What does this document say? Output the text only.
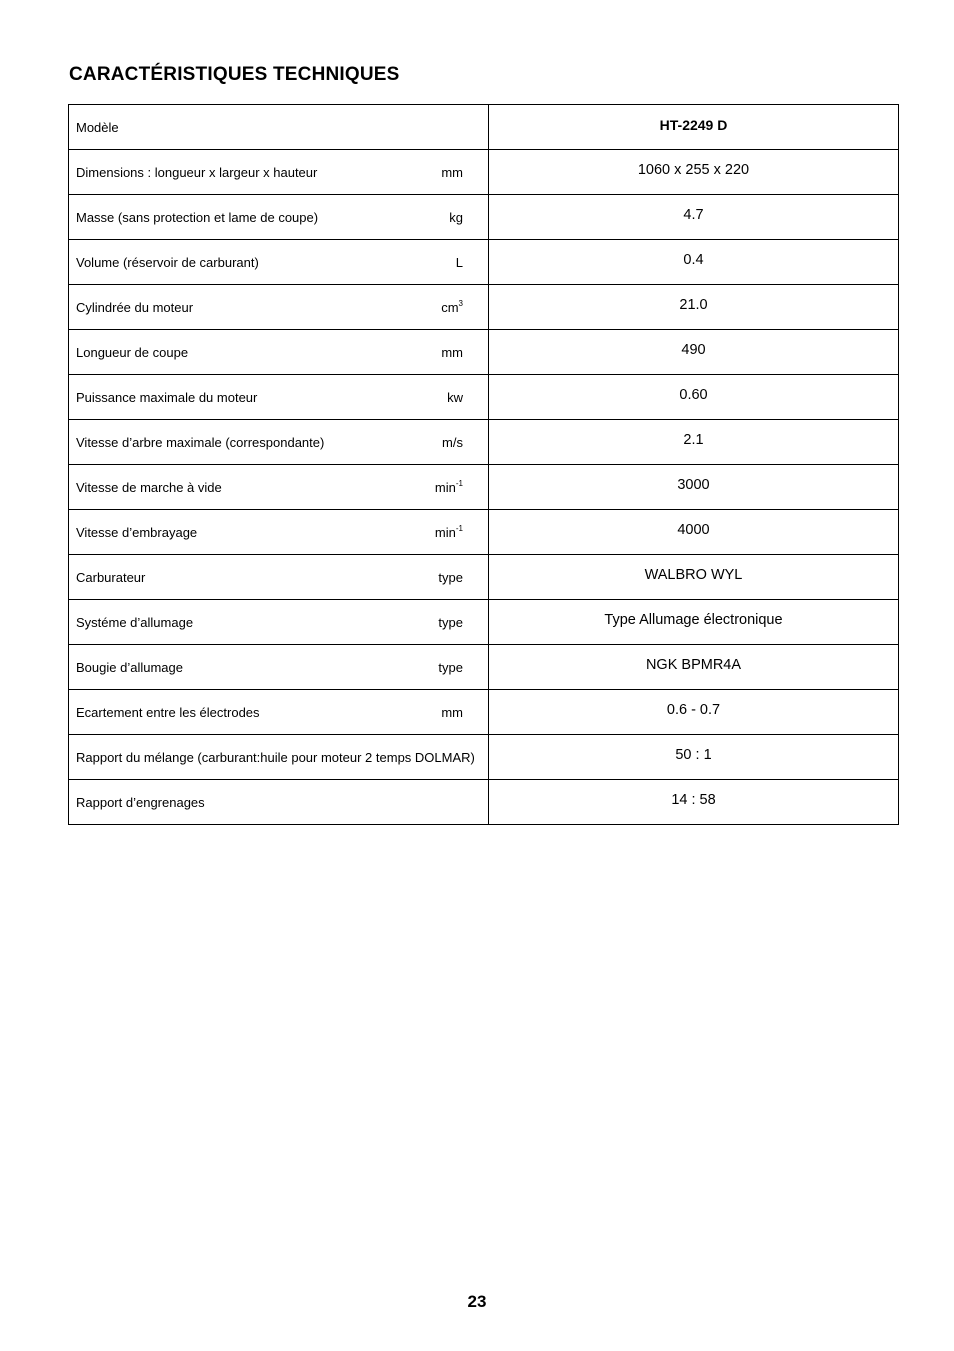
CARACTÉRISTIQUES TECHNIQUES
Modèle	HT-2249 D

Dimensions : longueur x largeur x hauteur mm	1060 x 255 x 220

Masse (sans protection et lame de coupe) kg	4.7

Volume (réservoir de carburant) L	0.4

Cylindrée du moteur $cm^3$	21.0

Longueur de coupe mm	490

Puissance maximale du moteur kw	0.60

Vitesse d’arbre maximale (correspondante) m/s	2.1

Vitesse de marche à vide $\min^{-1}$	3000

Vitesse d’embrayage $\min^{-1}$	4000

Carburateur type	WALBRO WYL

Systéme d’allumage type	Type Allumage électronique

Bougie d’allumage type	NGK BPMR4A

Ecartement entre les électrodes mm	0.6 - 0.7

Rapport du mélange (carburant:huile pour moteur 2 temps DOLMAR)	50 : 1

Rapport d’engrenages	14 : 58
23
